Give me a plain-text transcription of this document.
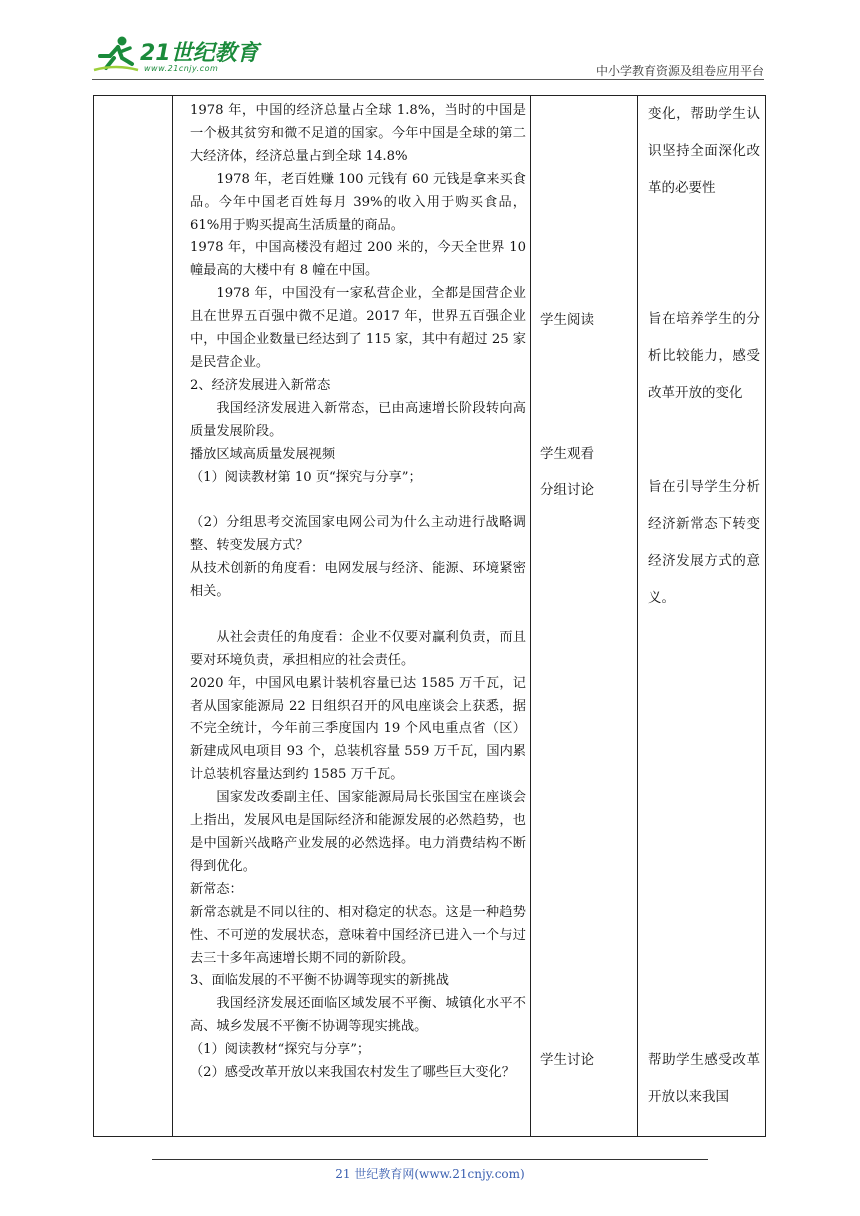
21世纪教育
www.21cnjy.com	中小学教育资源及组卷应用平台

1978 年，中国的经济总量占全球 1.8%，当时的中国是一个极其贫穷和微不足道的国家。今年中国是全球的第二大经济体，经济总量占到全球 14.8%

1978 年，老百姓赚 100 元钱有 60 元钱是拿来买食品。今年中国老百姓每月 39%的收入用于购买食品，61%用于购买提高生活质量的商品。

1978 年，中国高楼没有超过 200 米的，今天全世界 10 幢最高的大楼中有 8 幢在中国。

1978 年，中国没有一家私营企业，全都是国营企业且在世界五百强中微不足道。2017 年，世界五百强企业中，中国企业数量已经达到了 115 家，其中有超过 25 家是民营企业。

2、经济发展进入新常态

我国经济发展进入新常态，已由高速增长阶段转向高质量发展阶段。

播放区域高质量发展视频

（1）阅读教材第 10 页“探究与分享”；

（2）分组思考交流国家电网公司为什么主动进行战略调整、转变发展方式？

从技术创新的角度看：电网发展与经济、能源、环境紧密相关。

从社会责任的角度看：企业不仅要对赢利负责，而且要对环境负责，承担相应的社会责任。

2020 年，中国风电累计装机容量已达 1585 万千瓦，记者从国家能源局 22 日组织召开的风电座谈会上获悉，据不完全统计，今年前三季度国内 19 个风电重点省（区）新建成风电项目 93 个，总装机容量 559 万千瓦，国内累计总装机容量达到约 1585 万千瓦。

国家发改委副主任、国家能源局局长张国宝在座谈会上指出，发展风电是国际经济和能源发展的必然趋势，也是中国新兴战略产业发展的必然选择。电力消费结构不断得到优化。

新常态：

新常态就是不同以往的、相对稳定的状态。这是一种趋势性、不可逆的发展状态，意味着中国经济已进入一个与过去三十多年高速增长期不同的新阶段。

3、面临发展的不平衡不协调等现实的新挑战

我国经济发展还面临区域发展不平衡、城镇化水平不高、城乡发展不平衡不协调等现实挑战。

（1）阅读教材“探究与分享”；

（2）感受改革开放以来我国农村发生了哪些巨大变化？

学生阅读
学生观看
分组讨论
学生讨论
变化，帮助学生认识坚持全面深化改革的必要性
旨在培养学生的分析比较能力，感受改革开放的变化
旨在引导学生分析经济新常态下转变经济发展方式的意义。
帮助学生感受改革开放以来我国
21 世纪教育网(www.21cnjy.com)
